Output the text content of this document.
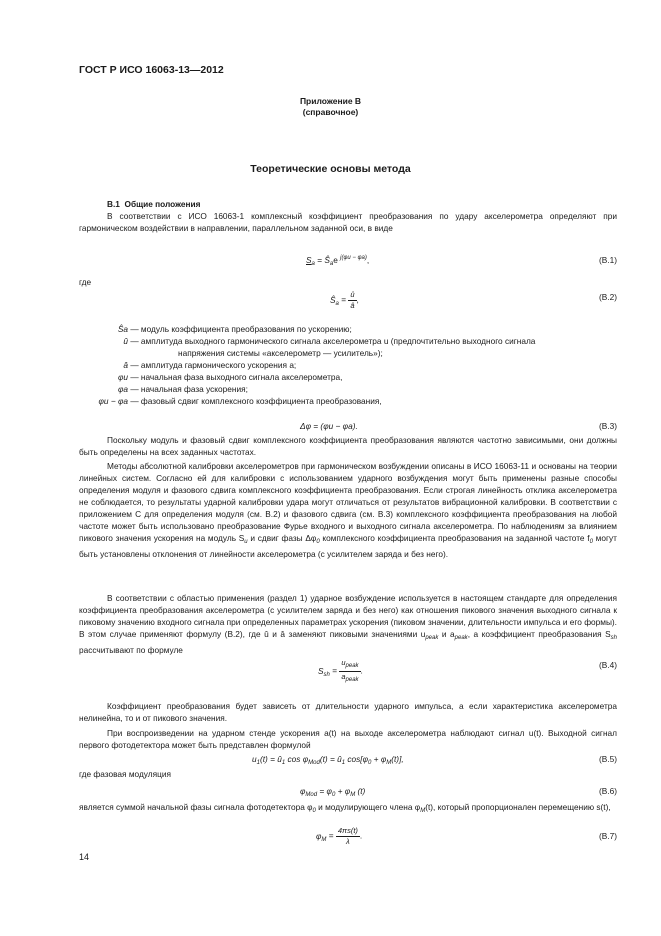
ГОСТ Р ИСО 16063-13—2012
Приложение В
(справочное)
Теоретические основы метода
В.1 Общие положения

В соответствии с ИСО 16063-1 комплексный коэффициент преобразования по удару акселерометра определяют при гармоническом воздействии в направлении, параллельном заданной оси, в виде

$S_a$ = $Ŝ_ae$ $^{j(\varphi u - \varphi a)}$,	(В.1)
где
$Ŝ_a = \frac{û}{â}$ ,	(В.2)
Ŝa — модуль коэффициента преобразования по ускорению;
û — амплитуда выходного гармонического сигнала акселерометра u (предпочтительно выходного сигнала
напряжения системы «акселерометр — усилитель»);
â — амплитуда гармонического ускорения a;
φu — начальная фаза выходного сигнала акселерометра,
φa — начальная фаза ускорения;
φu − φa — фазовый сдвиг комплексного коэффициента преобразования,
Δφ = (φu − φa).	(В.3)

Поскольку модуль и фазовый сдвиг комплексного коэффициента преобразования являются частотно зависимыми, они должны быть определены на всех заданных частотах.

Методы абсолютной калибровки акселерометров при гармоническом возбуждении описаны в ИСО 16063-11 и основаны на теории линейных систем. Согласно ей для калибровки с использованием ударного возбуждения могут быть применены разные способы определения модуля и фазового сдвига комплексного коэффициента преобразования. Если строгая линейность отклика акселерометра не соблюдается, то результаты ударной калибровки удара могут отличаться от результатов вибрационной калибровки. В соответствии с приложением С для определения модуля (см. В.2) и фазового сдвига (см. В.3) комплексного коэффициента преобразования на любой частоте может быть использовано преобразование Фурье входного и выходного сигнала акселерометра. По наблюдениям за влиянием пикового значения ускорения на модуль $S_u$ и сдвиг фазы $\Delta\varphi_0$ комплексного коэффициента преобразования на заданной частоте $f_0$ могут быть установлены отклонения от линейности акселерометра (с усилителем заряда и без него).

В соответствии с областью применения (раздел 1) ударное возбуждение используется в настоящем стандарте для определения коэффициента преобразования акселерометра (с усилителем заряда и без него) как отношения пикового значения выходного сигнала к пиковому значению входного сигнала при определенных параметрах ускорения (пиковом значении, длительности импульса и его формы). В этом случае применяют формулу (В.2), где û и â заменяют пиковыми значениями $u_{peak}$ и $a_{peak}$, а коэффициент преобразования $S_{sh}$ рассчитывают по формуле

$S_{sh} = \frac{u_{peak}}{a_{peak}}$ .
(В.4)

Коэффициент преобразования будет зависеть от длительности ударного импульса, а если характеристика акселерометра нелинейна, то и от пикового значения.

При воспроизведении на ударном стенде ускорения a(t) на выходе акселерометра наблюдают сигнал u(t). Выходной сигнал первого фотодетектора может быть представлен формулой

$u_1(t)$ = $û_1$ $\cos \varphi_{Mod}(t)$ = $û_1$ $\cos[\varphi_0 + \varphi_M(t)]$,	(В.5)
где фазовая модуляция
$\varphi_{Mod} = \varphi_0 + \varphi_M$ (t)	(В.6)

является суммой начальной фазы сигнала фотодетектора $\varphi_0$ и модулирующего члена $\varphi_M(t)$, который пропорционален перемещению s(t),

$\varphi_M = \frac{4\pi s(t)}{\lambda}$ .	(В.7)
14
